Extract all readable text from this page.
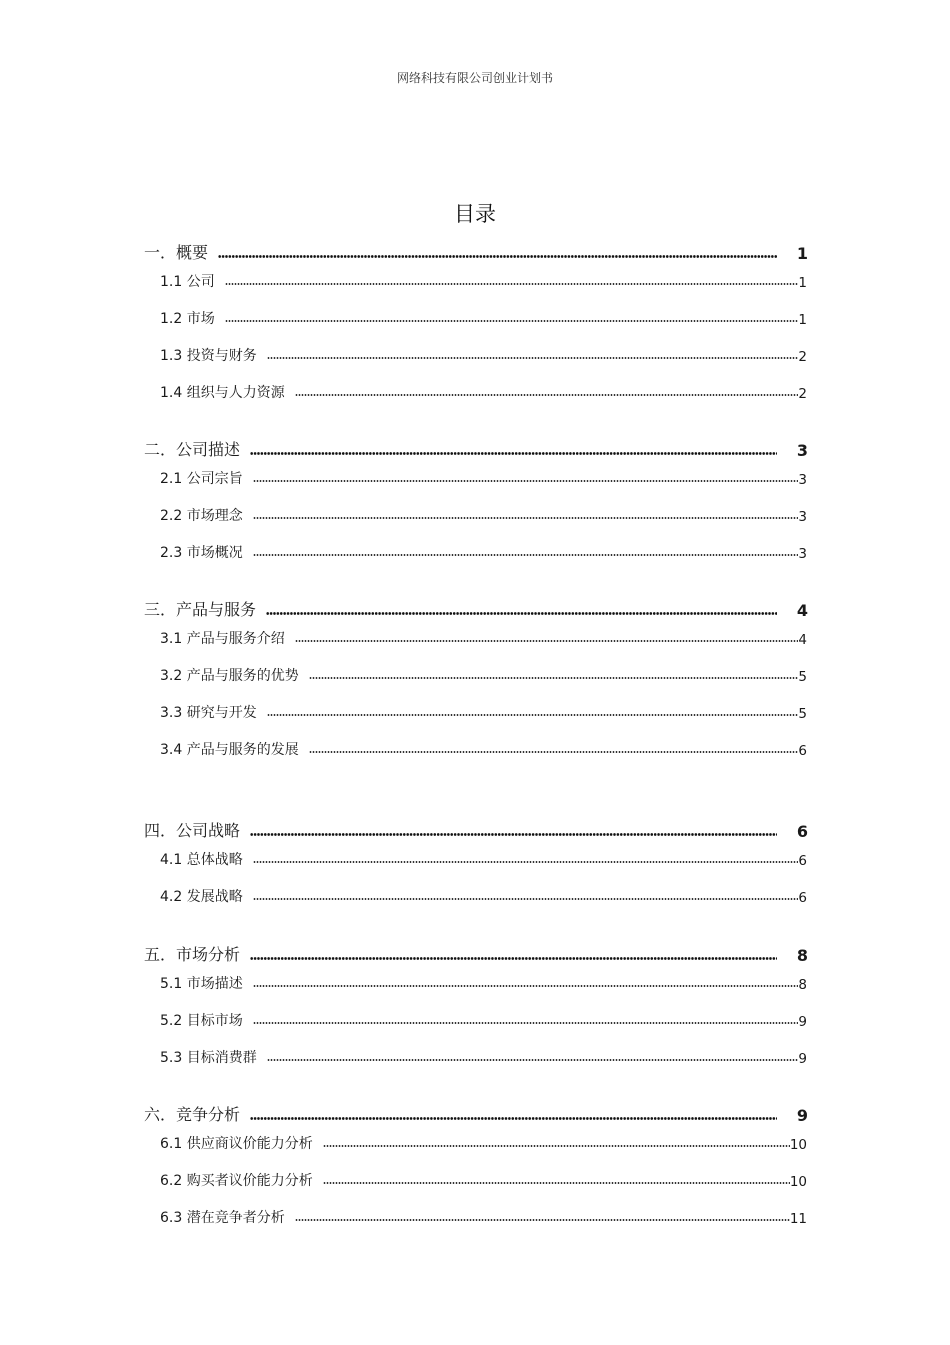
网络科技有限公司创业计划书
目录
一．概要	1
1.1 公司	1
1.2 市场	1
1.3 投资与财务	2
1.4 组织与人力资源	2
二．公司描述	3
2.1 公司宗旨	3
2.2 市场理念	3
2.3 市场概况	3
三．产品与服务	4
3.1 产品与服务介绍	4
3.2 产品与服务的优势	5
3.3 研究与开发	5
3.4 产品与服务的发展	6
四．公司战略	6
4.1 总体战略	6
4.2 发展战略	6
五．市场分析	8
5.1 市场描述	8
5.2 目标市场	9
5.3 目标消费群	9
六．竞争分析	9
6.1 供应商议价能力分析	10
6.2 购买者议价能力分析	10
6.3 潜在竞争者分析	11
